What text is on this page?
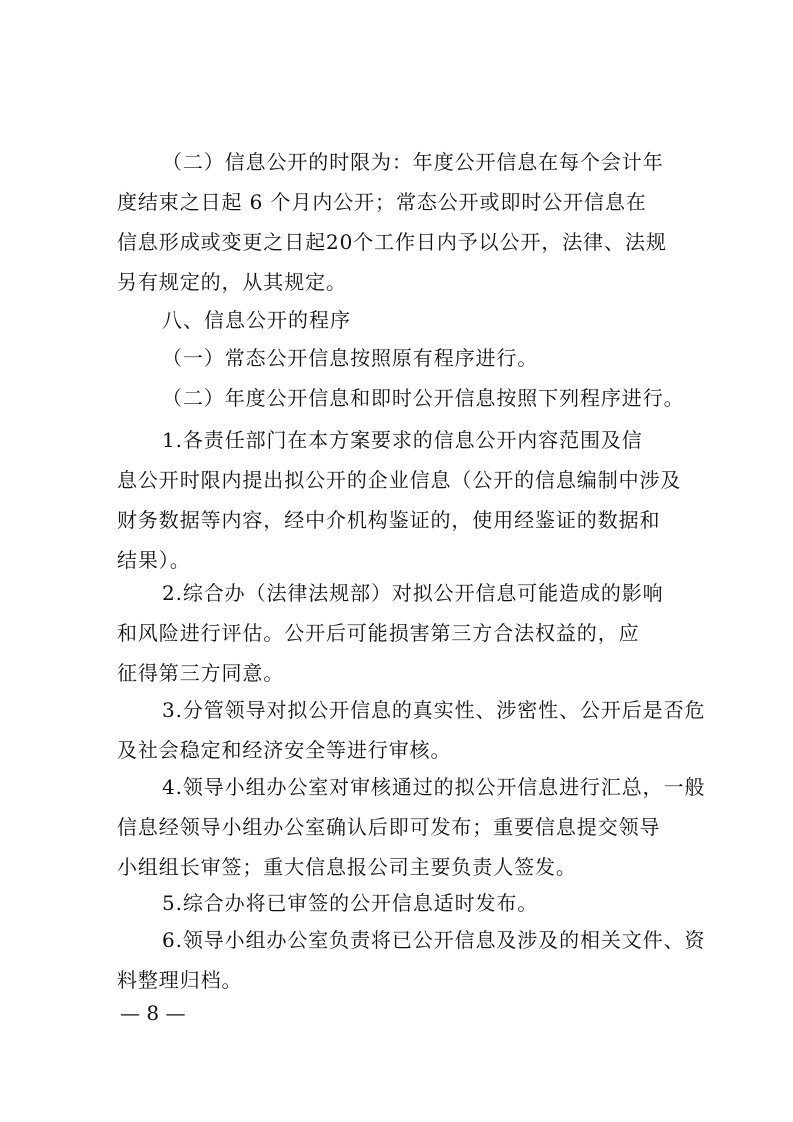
（二）信息公开的时限为：年度公开信息在每个会计年
度结束之日起 6 个月内公开；常态公开或即时公开信息在
信息形成或变更之日起20个工作日内予以公开，法律、法规
另有规定的，从其规定。
八、信息公开的程序
（一）常态公开信息按照原有程序进行。
（二）年度公开信息和即时公开信息按照下列程序进行。
1.各责任部门在本方案要求的信息公开内容范围及信
息公开时限内提出拟公开的企业信息（公开的信息编制中涉及
财务数据等内容，经中介机构鉴证的，使用经鉴证的数据和
结果）。
2.综合办（法律法规部）对拟公开信息可能造成的影响
和风险进行评估。公开后可能损害第三方合法权益的，应
征得第三方同意。
3.分管领导对拟公开信息的真实性、涉密性、公开后是否危
及社会稳定和经济安全等进行审核。
4.领导小组办公室对审核通过的拟公开信息进行汇总，一般
信息经领导小组办公室确认后即可发布；重要信息提交领导
小组组长审签；重大信息报公司主要负责人签发。
5.综合办将已审签的公开信息适时发布。
6.领导小组办公室负责将已公开信息及涉及的相关文件、资
料整理归档。
— 8 —
